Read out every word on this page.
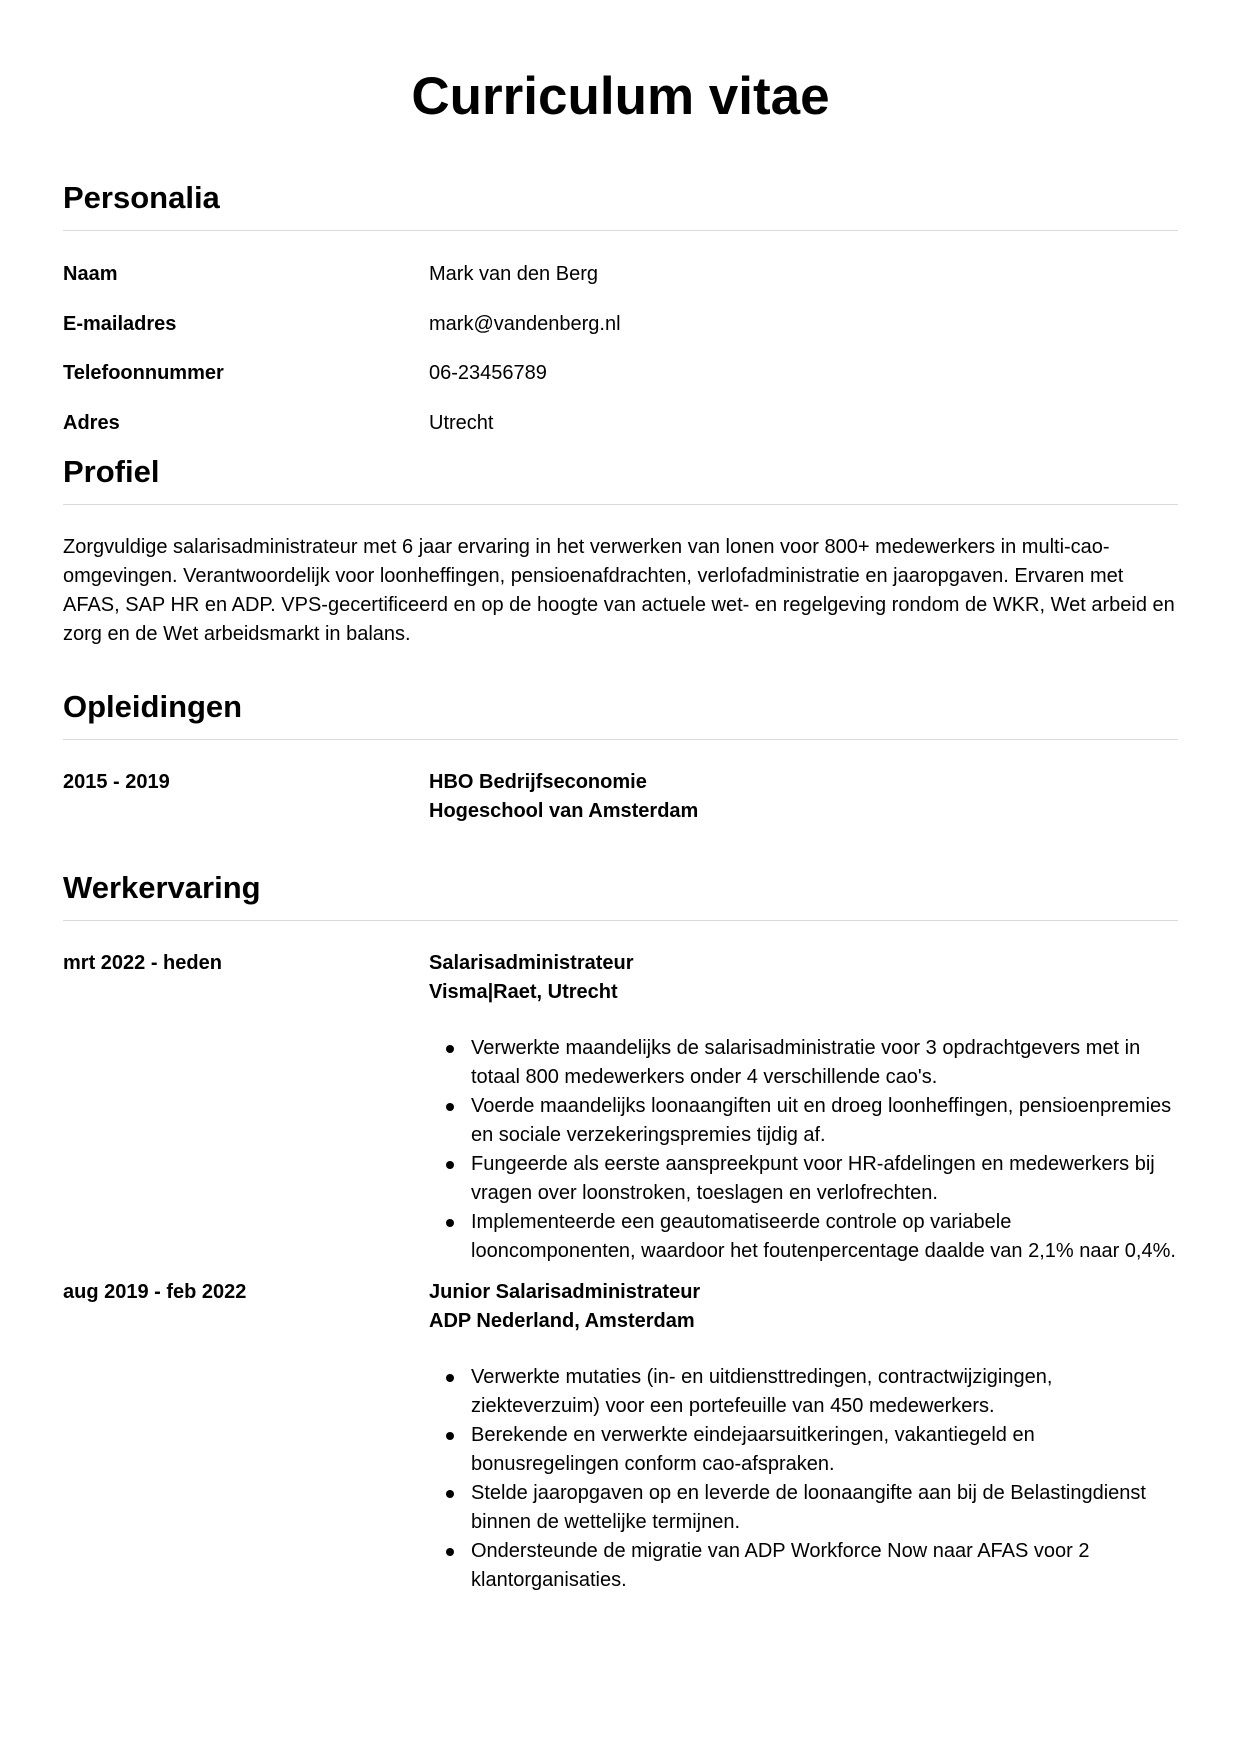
Curriculum vitae
Personalia
Naam	Mark van den Berg
E-mailadres	mark@vandenberg.nl
Telefoonnummer	06-23456789
Adres	Utrecht
Profiel

Zorgvuldige salarisadministrateur met 6 jaar ervaring in het verwerken van lonen voor 800+ medewerkers in multi-cao-omgevingen. Verantwoordelijk voor loonheffingen, pensioenafdrachten, verlofadministratie en jaaropgaven. Ervaren met AFAS, SAP HR en ADP. VPS-gecertificeerd en op de hoogte van actuele wet- en regelgeving rondom de WKR, Wet arbeid en zorg en de Wet arbeidsmarkt in balans.

Opleidingen
2015 - 2019	HBO Bedrijfseconomie
Hogeschool van Amsterdam
Werkervaring
mrt 2022 - heden	Salarisadministrateur
Visma|Raet, Utrecht
Verwerkte maandelijks de salarisadministratie voor 3 opdrachtgevers met in totaal 800 medewerkers onder 4 verschillende cao's.
Voerde maandelijks loonaangiften uit en droeg loonheffingen, pensioenpremies en sociale verzekeringspremies tijdig af.
Fungeerde als eerste aanspreekpunt voor HR-afdelingen en medewerkers bij vragen over loonstroken, toeslagen en verlofrechten.
Implementeerde een geautomatiseerde controle op variabele looncomponenten, waardoor het foutenpercentage daalde van 2,1% naar 0,4%.
aug 2019 - feb 2022	Junior Salarisadministrateur
ADP Nederland, Amsterdam
Verwerkte mutaties (in- en uitdiensttredingen, contractwijzigingen, ziekteverzuim) voor een portefeuille van 450 medewerkers.
Berekende en verwerkte eindejaarsuitkeringen, vakantiegeld en bonusregelingen conform cao-afspraken.
Stelde jaaropgaven op en leverde de loonaangifte aan bij de Belastingdienst binnen de wettelijke termijnen.
Ondersteunde de migratie van ADP Workforce Now naar AFAS voor 2 klantorganisaties.
